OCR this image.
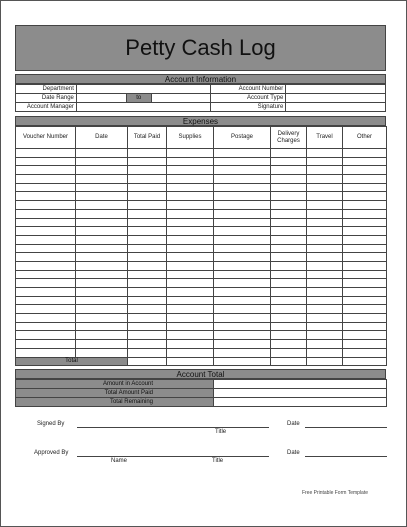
Petty Cash Log
Account Information
Department				Account Number	
Date Range		to		Account Type	
Account Manager				Signature	
Expenses
Voucher Number	Date	Total Paid	Supplies	Postage	Delivery Charges	Travel	Other

Total							
Account Total
Amount in Account	
Total Amount Paid	
Total Remaining	
Signed By
Title
Date
Approved By
Name	Title
Date
Free Printable Form Template
